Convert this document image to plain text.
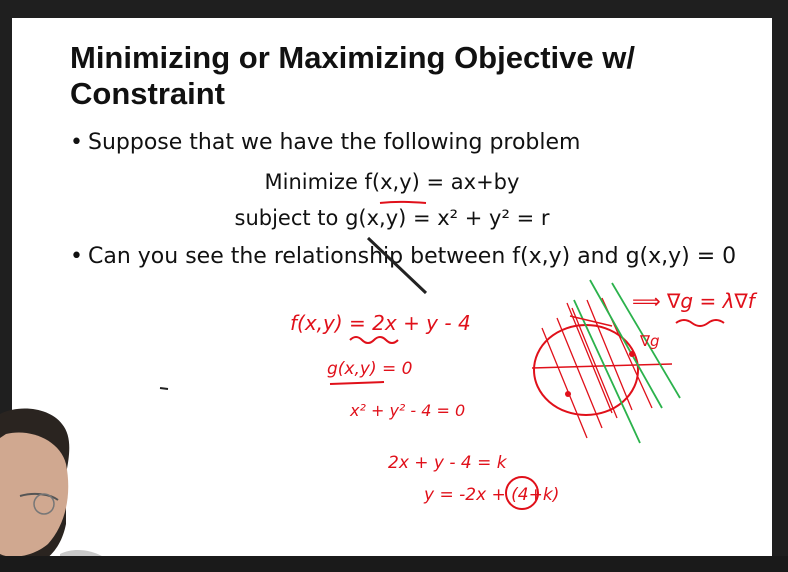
Minimizing or Maximizing Objective w/
Constraint
• Suppose that we have the following problem
Minimize f(x,y) = ax+by
subject to g(x,y) = x² + y² = r
• Can you see the relationship between f(x,y) and g(x,y) = 0
f(x,y) = 2x + y - 4
g(x,y) = 0
x² + y² - 4 = 0
2x + y - 4 = k
y = -2x + (4+k)
∇g
⟹ ∇g = λ∇f
